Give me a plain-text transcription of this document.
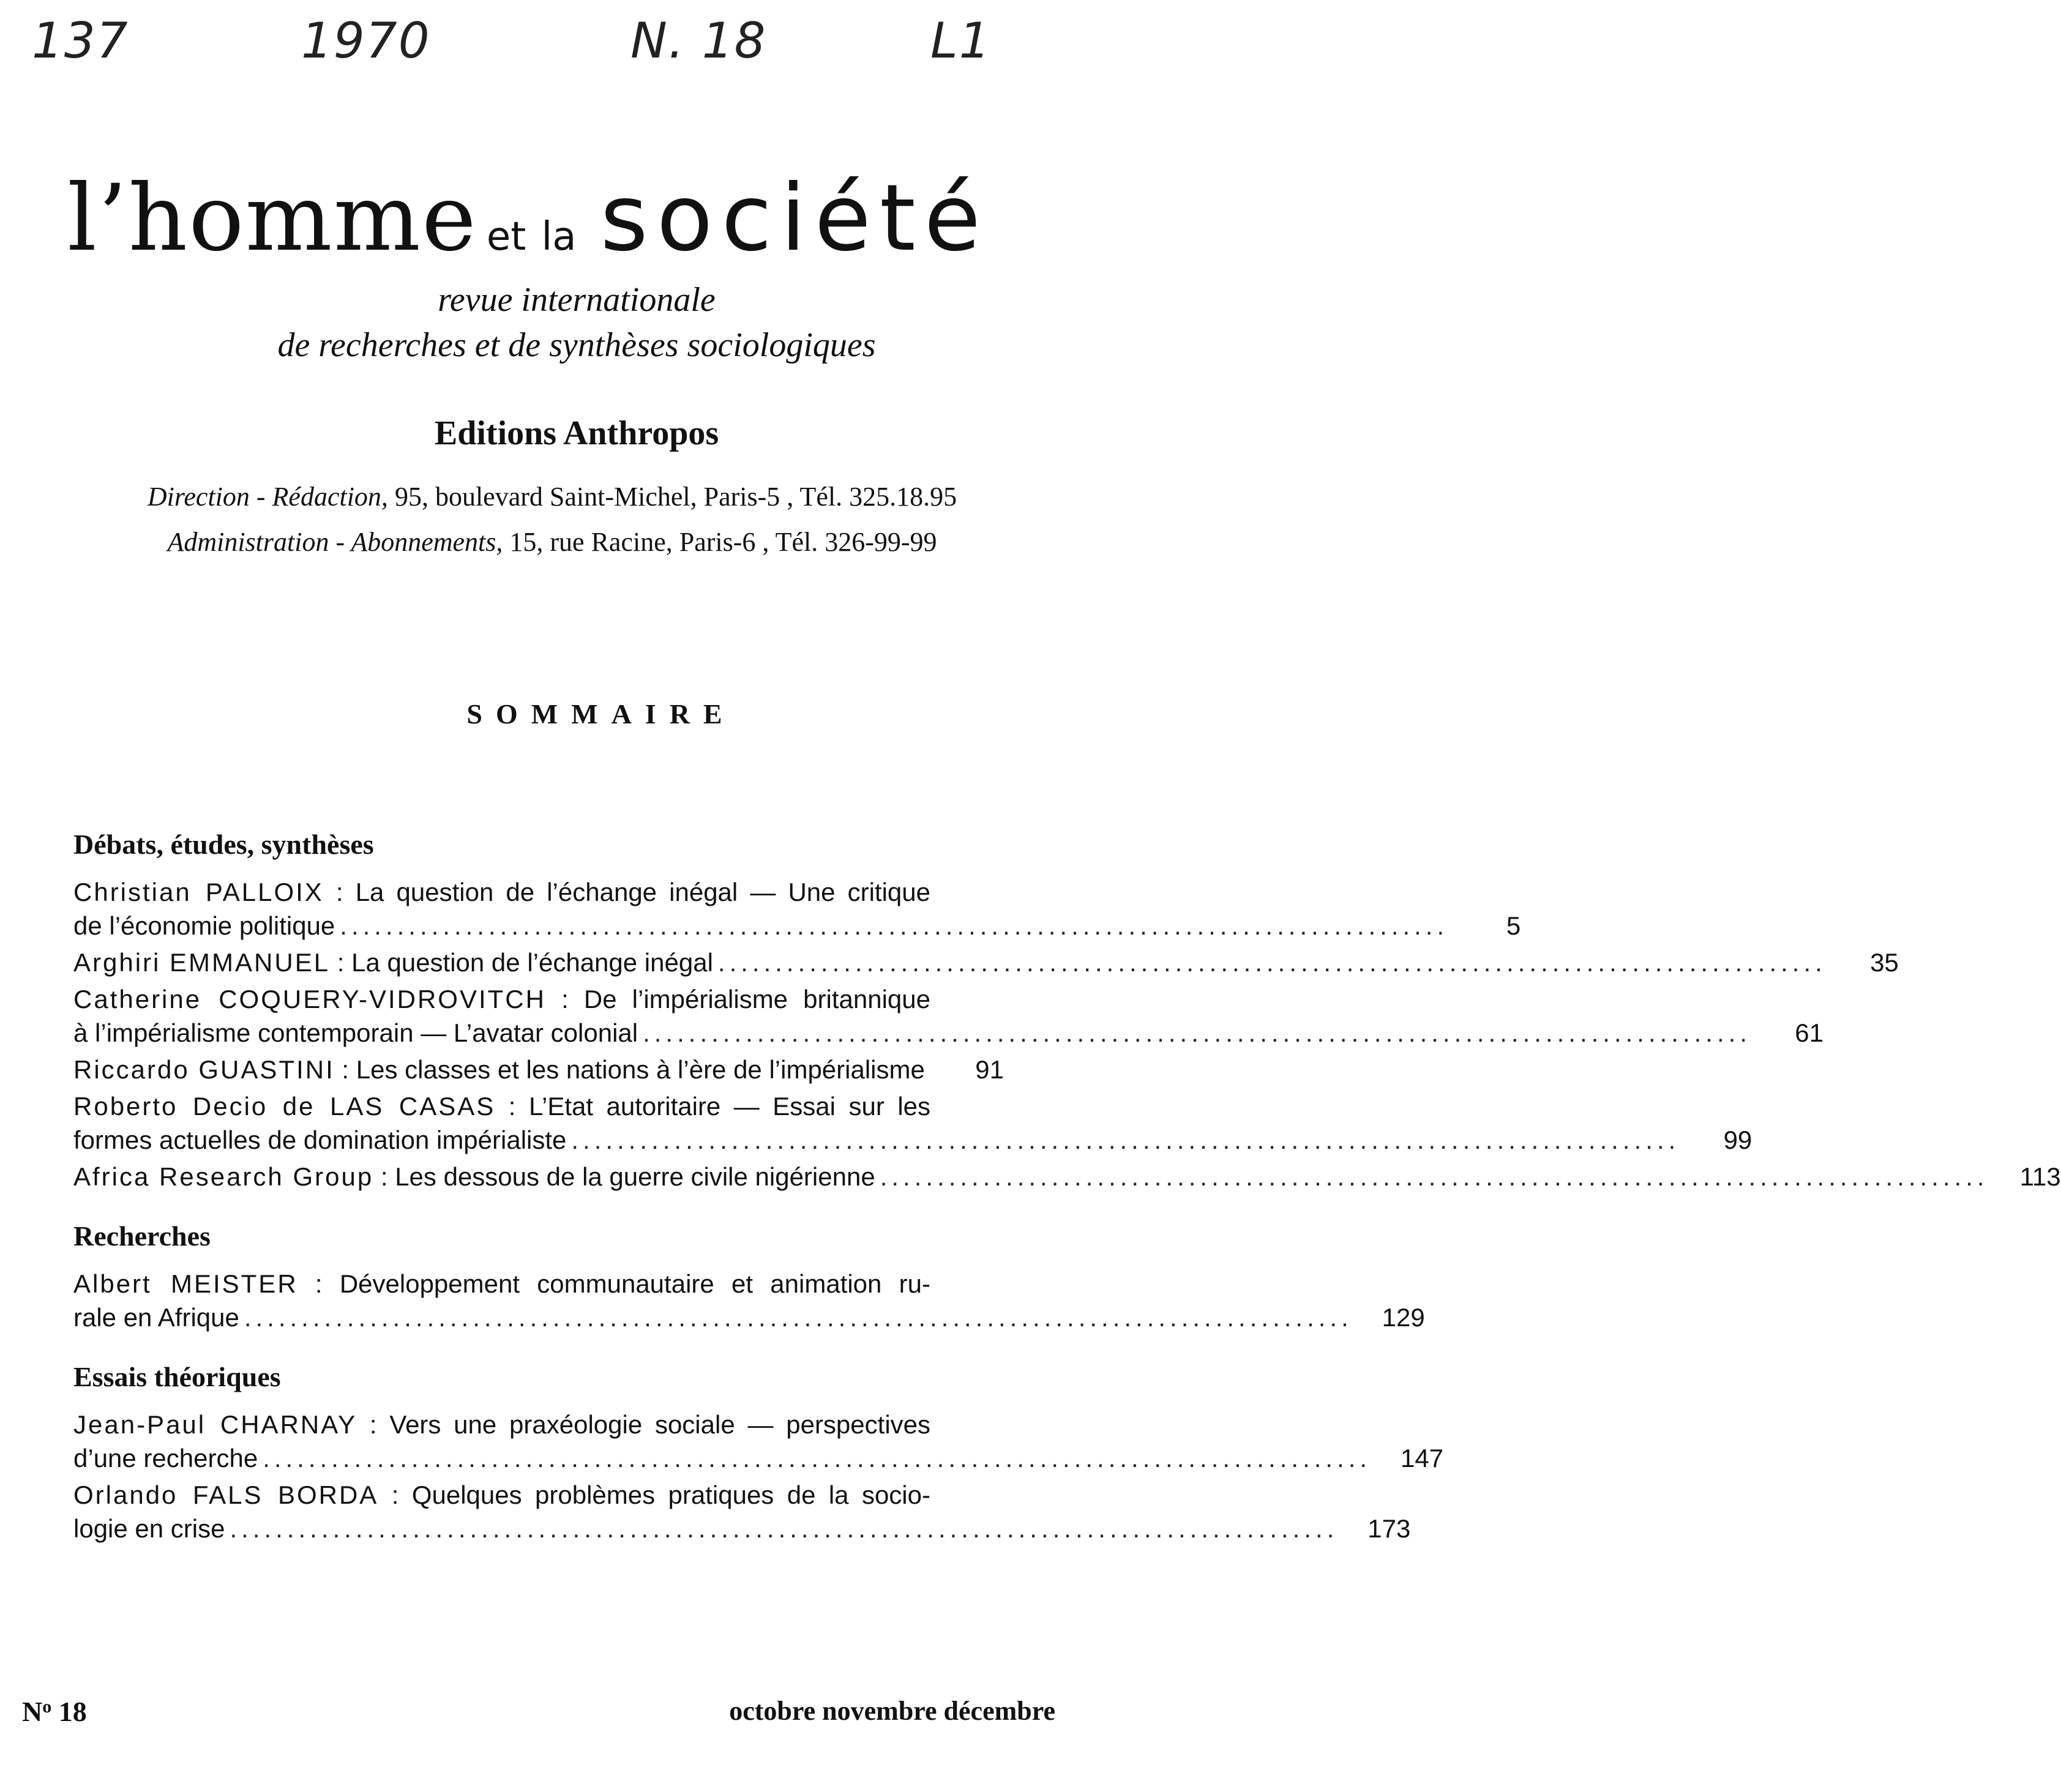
137	1970	N. 18	L1
l’homme et la société
revue internationale
de recherches et de synthèses sociologiques
Editions Anthropos
Direction - Rédaction, 95, boulevard Saint-Michel, Paris-5 , Tél. 325.18.95
Administration - Abonnements, 15, rue Racine, Paris-6 , Tél. 326-99-99
SOMMAIRE
Débats, études, synthèses
Christian PALLOIX : La question de l’échange inégal — Une critique
de l’économie politique .................................................................................................	5
Arghiri EMMANUEL : La question de l’échange inégal .................................................................................................	35
Catherine COQUERY-VIDROVITCH : De l’impérialisme britannique
à l’impérialisme contemporain — L’avatar colonial .................................................................................................	61
Riccardo GUASTINI : Les classes et les nations à l’ère de l’impérialisme	91
Roberto Decio de LAS CASAS : L’Etat autoritaire — Essai sur les
formes actuelles de domination impérialiste .................................................................................................	99
Africa Research Group : Les dessous de la guerre civile nigérienne .................................................................................................	113
Recherches
Albert MEISTER : Développement communautaire et animation ru-
rale en Afrique .................................................................................................	129
Essais théoriques
Jean-Paul CHARNAY : Vers une praxéologie sociale — perspectives
d’une recherche .................................................................................................	147
Orlando FALS BORDA : Quelques problèmes pratiques de la socio-
logie en crise .................................................................................................	173
$N^o$ 18	octobre novembre décembre
